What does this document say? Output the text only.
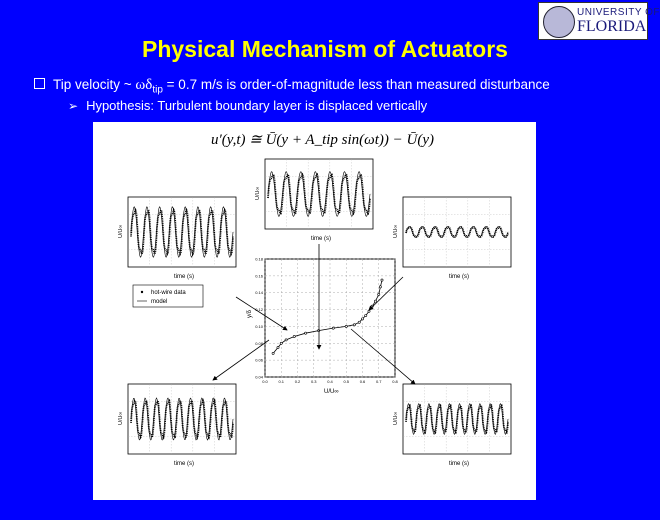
UNIVERSITY OF
FLORIDA
Physical Mechanism of Actuators
Tip velocity ~ $\omega\delta_{tip} = 0.7$ m/s is order-of-magnitude less than measured disturbance
➢ Hypothesis: Turbulent boundary layer is displaced vertically
u′(y,t) ≅ Ū(y + A_tip sin(ωt)) − Ū(y)
time (s)
U/U∞
time (s)
U/U∞
time (s)
U/U∞
time (s)
U/U∞
time (s)
U/U∞
0.0	0.1	0.2	0.3	0.4	0.5	0.6	0.7	0.8
0.04
0.06
0.08
0.10
0.12
0.14
0.16
0.18
U/U∞
y/δ
hot-wire data
model
